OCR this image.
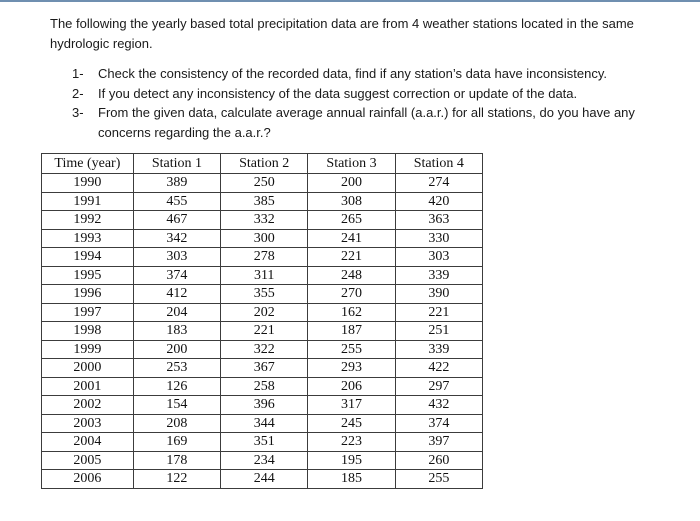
The following the yearly based total precipitation data are from 4 weather stations located in the same hydrologic region.

1-	Check the consistency of the recorded data, find if any station’s data have inconsistency.
2-	If you detect any inconsistency of the data suggest correction or update of the data.
3-	From the given data, calculate average annual rainfall (a.a.r.) for all stations, do you have any concerns regarding the a.a.r.?
Time (year)	Station 1	Station 2	Station 3	Station 4
1990	389	250	200	274
1991	455	385	308	420
1992	467	332	265	363
1993	342	300	241	330
1994	303	278	221	303
1995	374	311	248	339
1996	412	355	270	390
1997	204	202	162	221
1998	183	221	187	251
1999	200	322	255	339
2000	253	367	293	422
2001	126	258	206	297
2002	154	396	317	432
2003	208	344	245	374
2004	169	351	223	397
2005	178	234	195	260
2006	122	244	185	255
